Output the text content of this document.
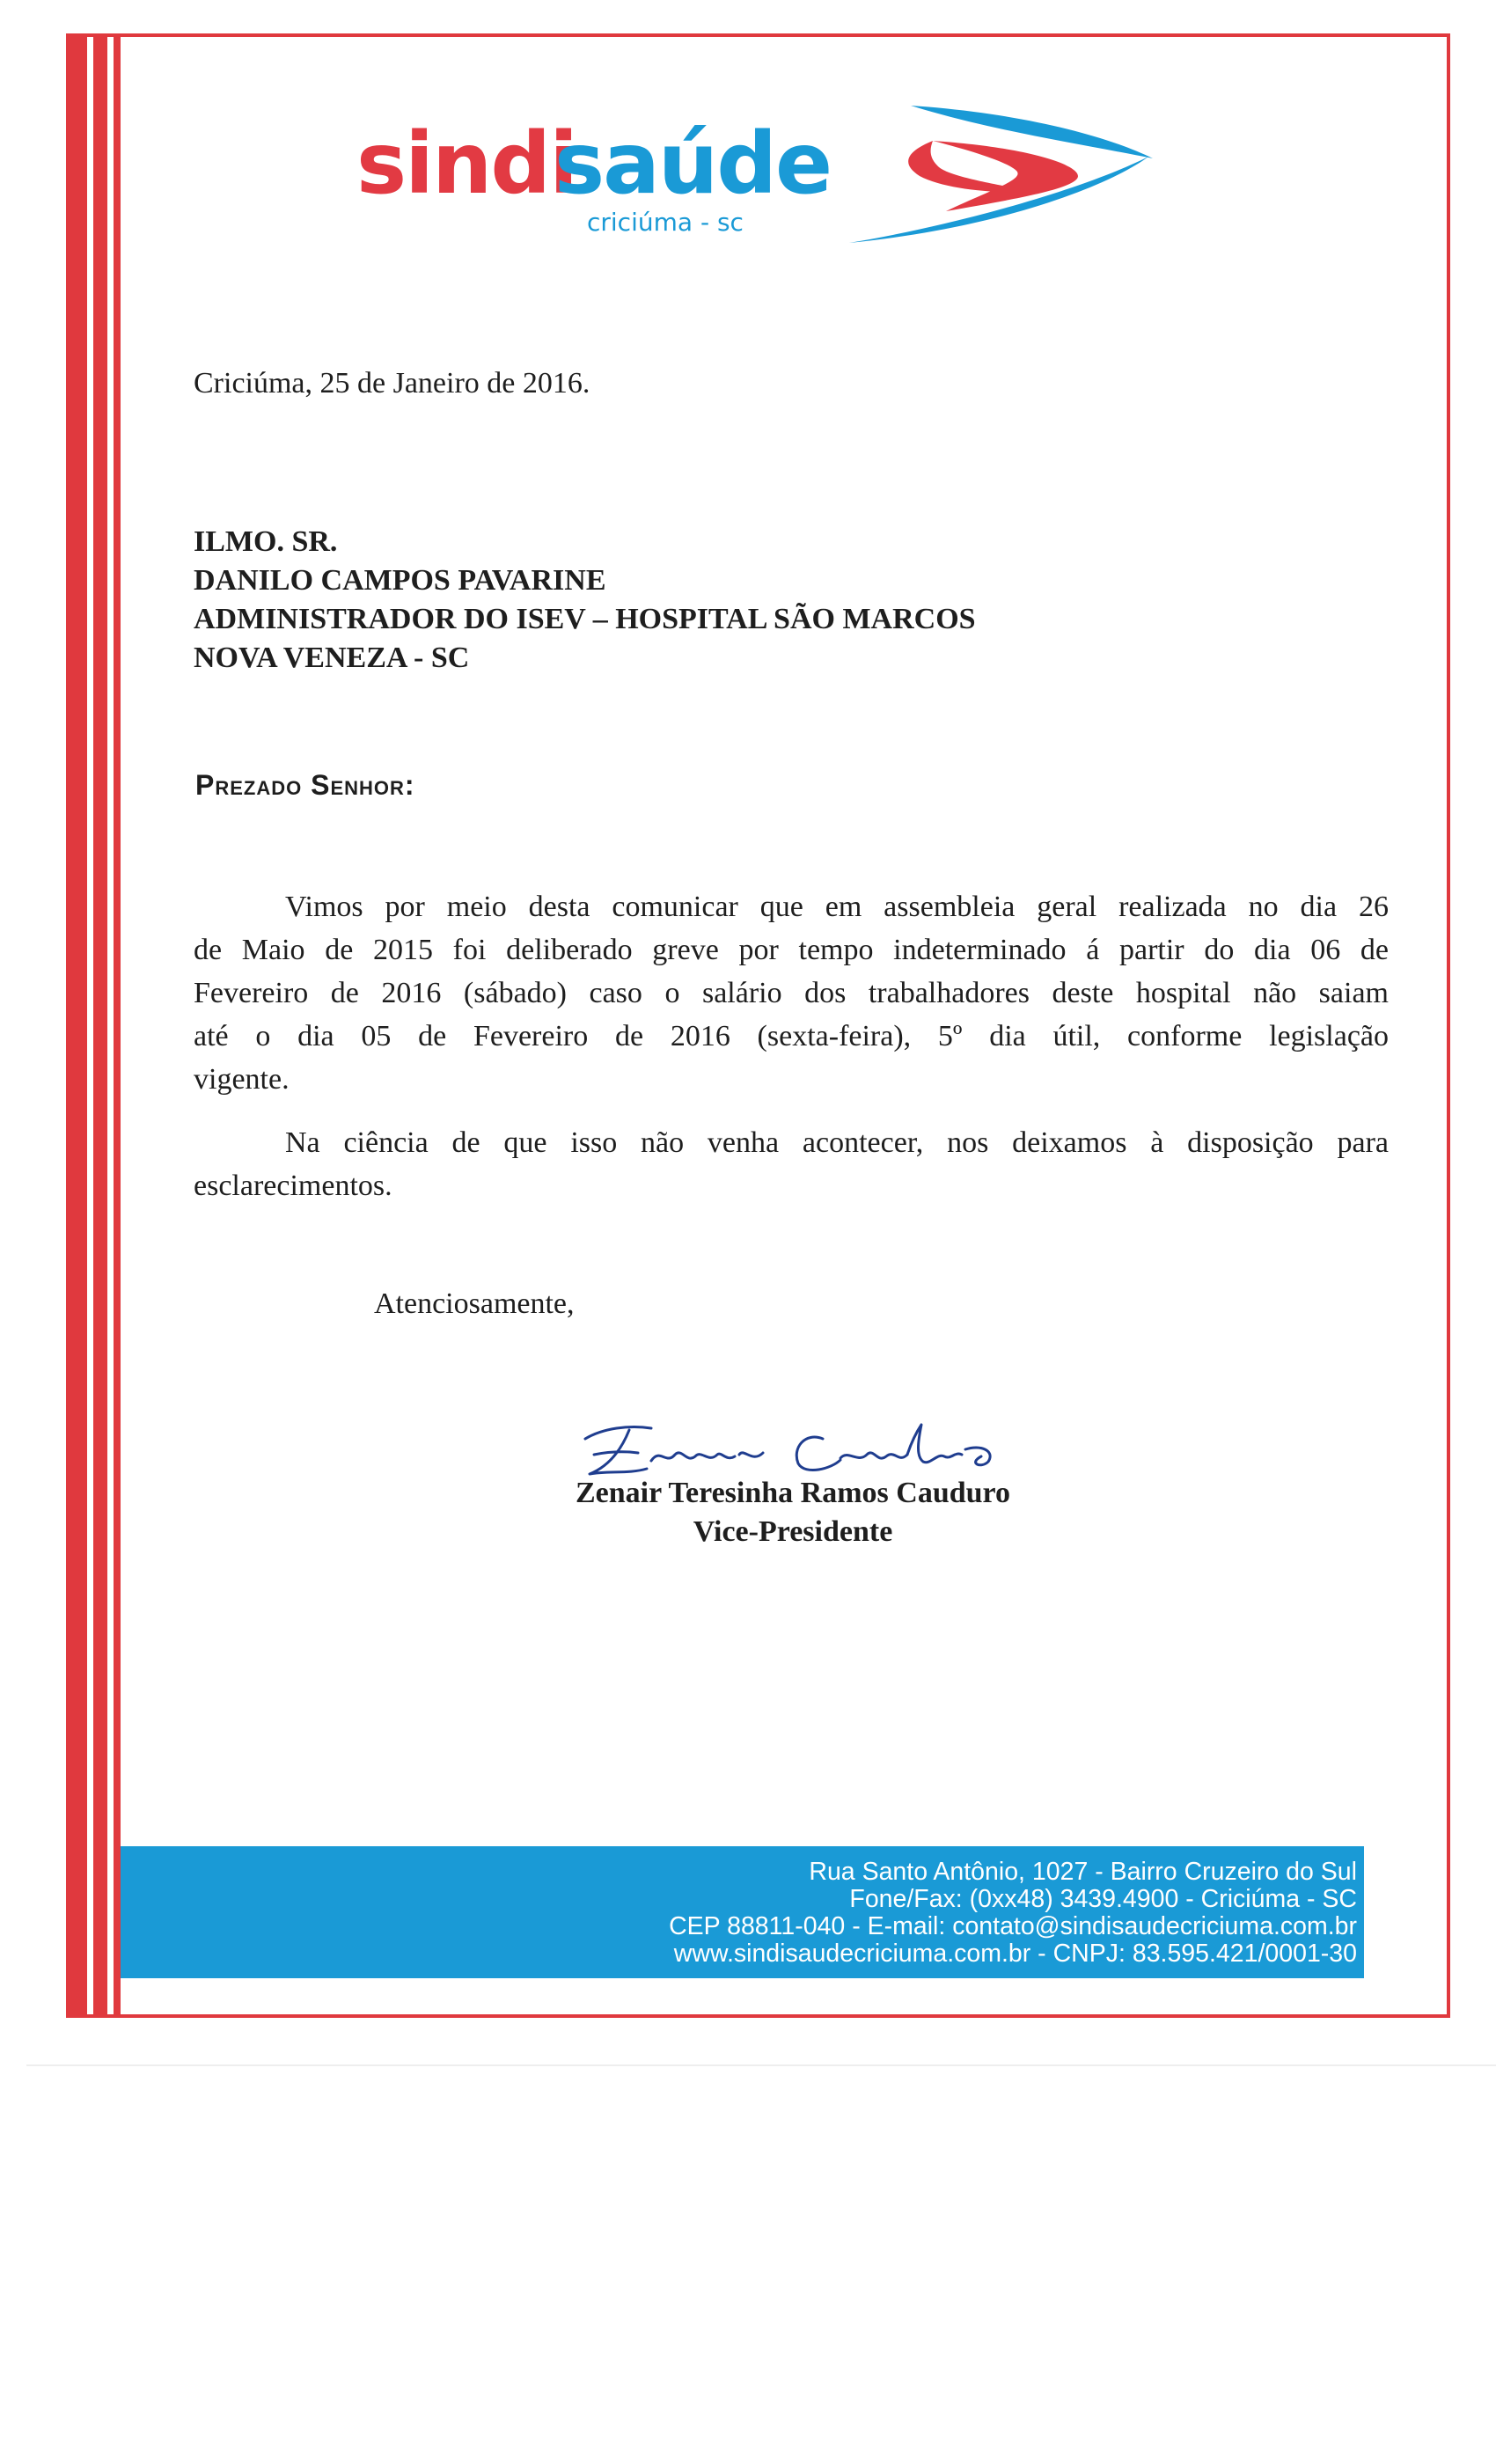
sindi
saúde
criciúma - sc
Criciúma, 25 de Janeiro de 2016.
ILMO. SR.
DANILO CAMPOS PAVARINE
ADMINISTRADOR DO ISEV – HOSPITAL SÃO MARCOS
NOVA VENEZA - SC
Prezado Senhor:
Vimos por meio desta comunicar que em assembleia geral realizada no dia 26
de Maio de 2015 foi deliberado greve por tempo indeterminado á partir do dia 06 de
Fevereiro de 2016 (sábado) caso o salário dos trabalhadores deste hospital não saiam
até o dia 05 de Fevereiro de 2016 (sexta-feira), 5º dia útil, conforme legislação
vigente.
Na ciência de que isso não venha acontecer, nos deixamos à disposição para
esclarecimentos.
Atenciosamente,
Zenair Teresinha Ramos Cauduro
Vice-Presidente
Rua Santo Antônio, 1027 - Bairro Cruzeiro do Sul
Fone/Fax: (0xx48) 3439.4900 - Criciúma - SC
CEP 88811-040 - E-mail: contato@sindisaudecriciuma.com.br
www.sindisaudecriciuma.com.br - CNPJ: 83.595.421/0001-30
